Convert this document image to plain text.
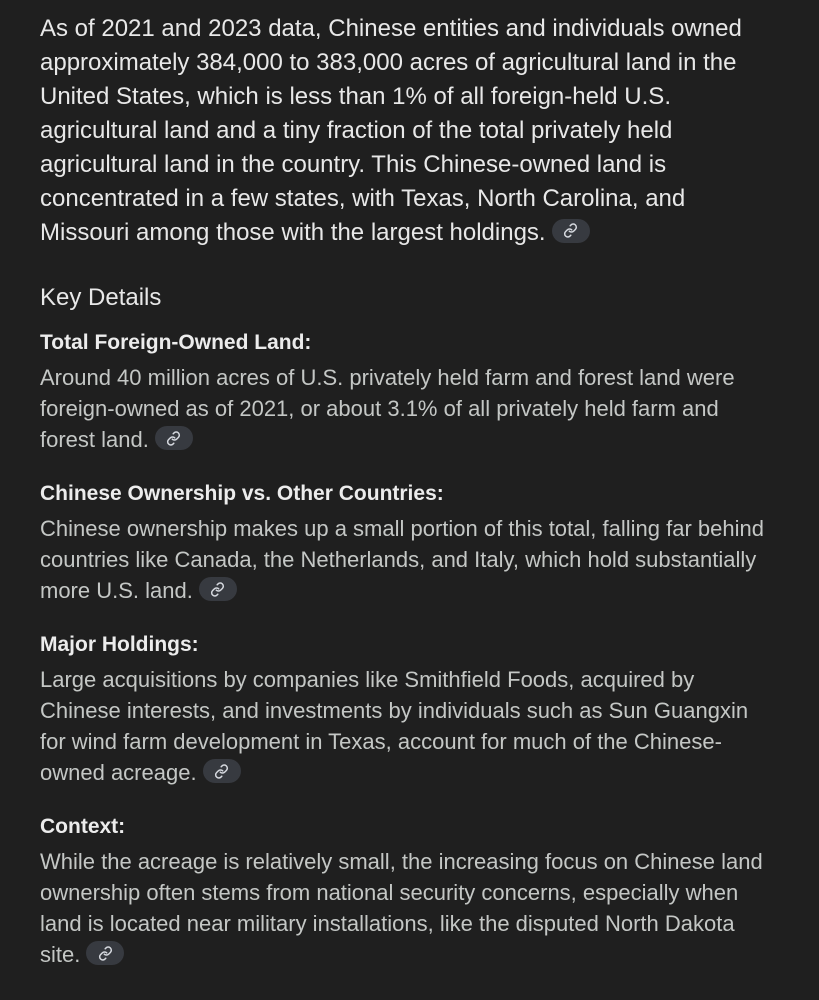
As of 2021 and 2023 data, Chinese entities and individuals owned approximately 384,000 to 383,000 acres of agricultural land in the United States, which is less than 1% of all foreign-held U.S. agricultural land and a tiny fraction of the total privately held agricultural land in the country. This Chinese-owned land is concentrated in a few states, with Texas, North Carolina, and Missouri among those with the largest holdings.

Key Details
Total Foreign-Owned Land:

Around 40 million acres of U.S. privately held farm and forest land were foreign-owned as of 2021, or about 3.1% of all privately held farm and forest land.

Chinese Ownership vs. Other Countries:

Chinese ownership makes up a small portion of this total, falling far behind countries like Canada, the Netherlands, and Italy, which hold substantially more U.S. land.

Major Holdings:

Large acquisitions by companies like Smithfield Foods, acquired by Chinese interests, and investments by individuals such as Sun Guangxin for wind farm development in Texas, account for much of the Chinese-owned acreage.

Context:

While the acreage is relatively small, the increasing focus on Chinese land ownership often stems from national security concerns, especially when land is located near military installations, like the disputed North Dakota site.
